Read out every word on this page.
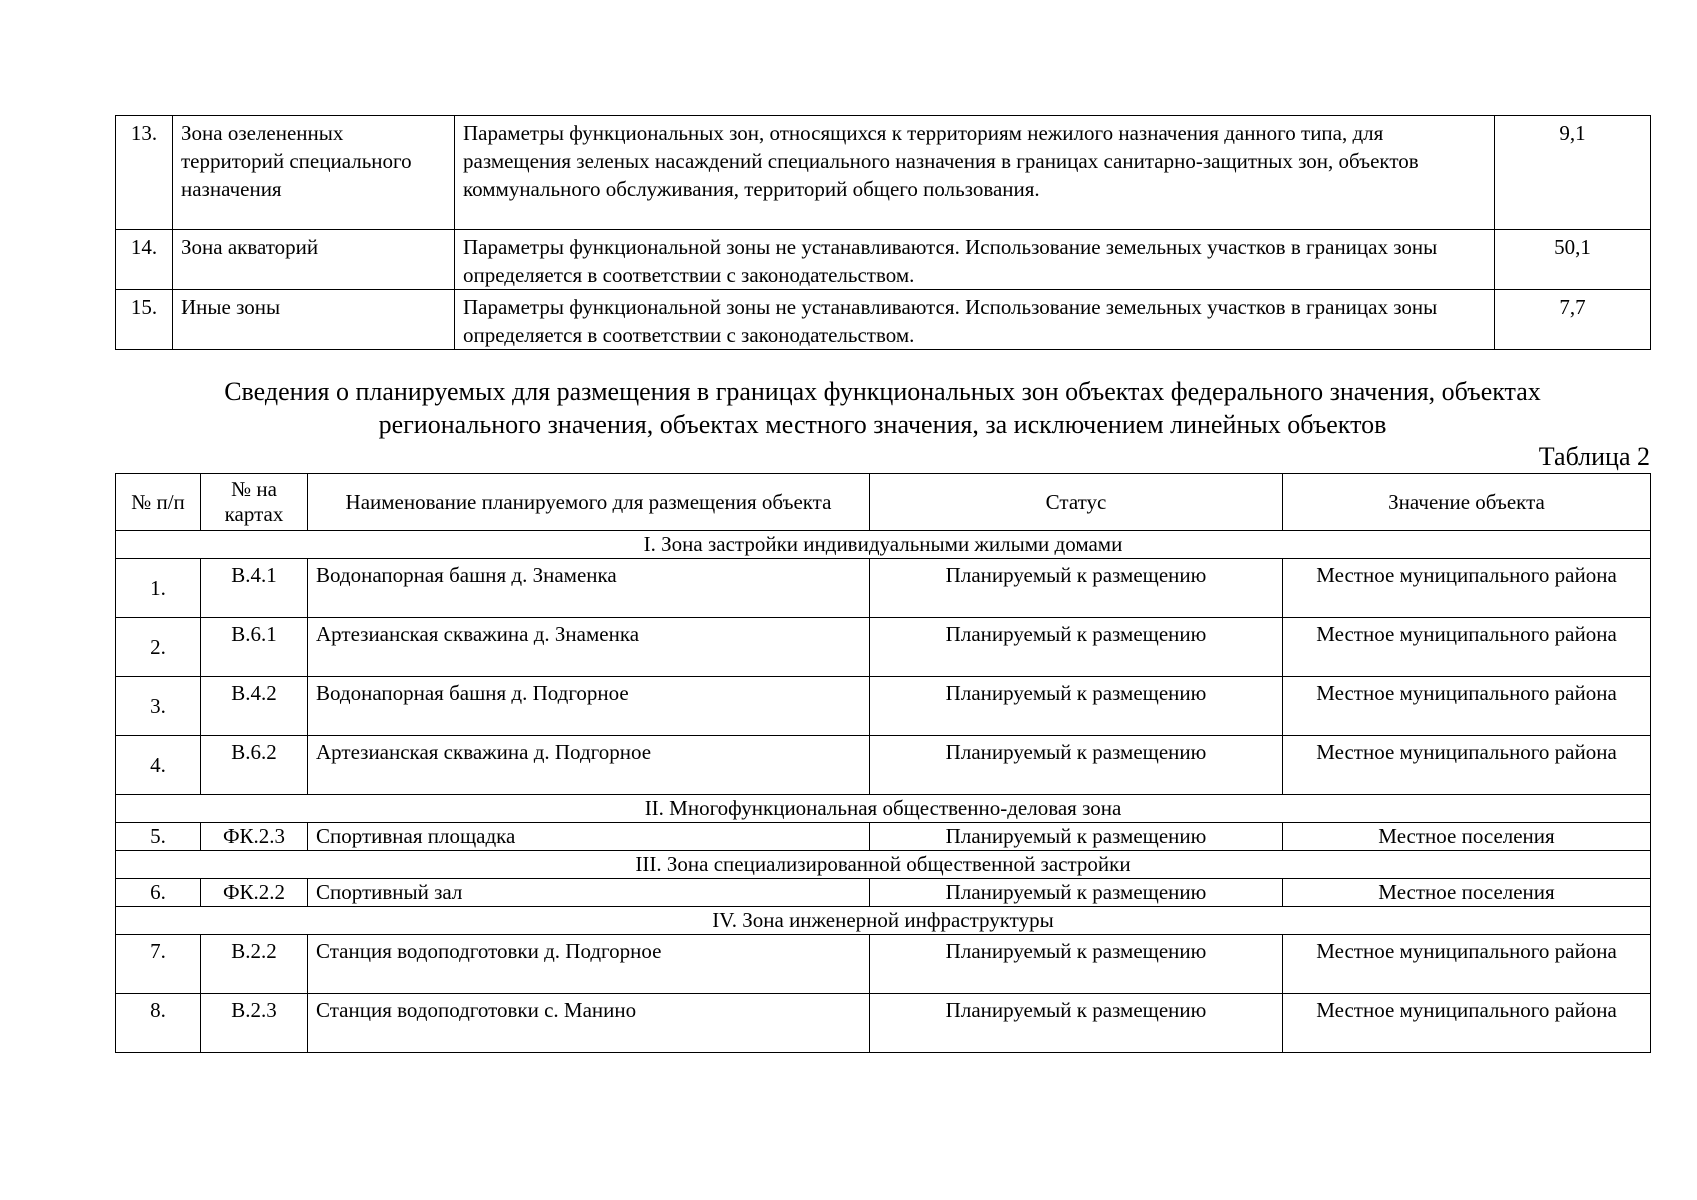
13.	Зона озелененных территорий специального назначения	Параметры функциональных зон, относящихся к территориям нежилого назначения данного типа, для размещения зеленых насаждений специального назначения в границах санитарно-защитных зон, объектов коммунального обслуживания, территорий общего пользования.	9,1
14.	Зона акваторий	Параметры функциональной зоны не устанавливаются. Использование земельных участков в границах зоны определяется в соответствии с законодательством.	50,1
15.	Иные зоны	Параметры функциональной зоны не устанавливаются. Использование земельных участков в границах зоны определяется в соответствии с законодательством.	7,7
Сведения о планируемых для размещения в границах функциональных зон объектах федерального значения, объектах
регионального значения, объектах местного значения, за исключением линейных объектов
Таблица 2
№ п/п	№ на картах	Наименование планируемого для размещения объекта	Статус	Значение объекта
I. Зона застройки индивидуальными жилыми домами				
1.	В.4.1	Водонапорная башня д. Знаменка	Планируемый к размещению	Местное муниципального района
2.	В.6.1	Артезианская скважина д. Знаменка	Планируемый к размещению	Местное муниципального района
3.	В.4.2	Водонапорная башня д. Подгорное	Планируемый к размещению	Местное муниципального района
4.	В.6.2	Артезианская скважина д. Подгорное	Планируемый к размещению	Местное муниципального района
II. Многофункциональная общественно-деловая зона				
5.	ФК.2.3	Спортивная площадка	Планируемый к размещению	Местное поселения
III. Зона специализированной общественной застройки				
6.	ФК.2.2	Спортивный зал	Планируемый к размещению	Местное поселения
IV. Зона инженерной инфраструктуры				
7.	В.2.2	Станция водоподготовки д. Подгорное	Планируемый к размещению	Местное муниципального района
8.	В.2.3	Станция водоподготовки с. Манино	Планируемый к размещению	Местное муниципального района
